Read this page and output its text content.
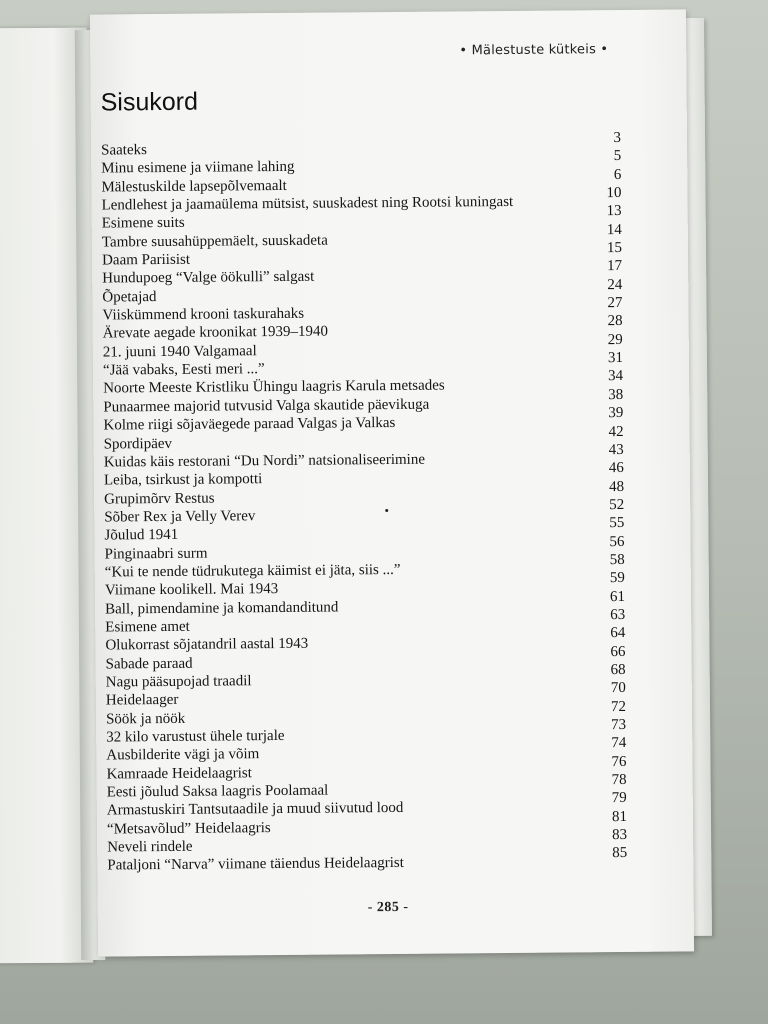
• Mälestuste kütkeis •
Sisukord
Saateks
3
Minu esimene ja viimane lahing
5
Mälestuskilde lapsepõlvemaalt
6
Lendlehest ja jaamaülema mütsist, suuskadest ning Rootsi kuningast
10
Esimene suits
13
Tambre suusahüppemäelt, suuskadeta
14
Daam Pariisist
15
Hundupoeg “Valge öökulli” salgast
17
Õpetajad
24
Viiskümmend krooni taskurahaks
27
Ärevate aegade kroonikat 1939–1940
28
21. juuni 1940 Valgamaal
29
“Jää vabaks, Eesti meri ...”
31
Noorte Meeste Kristliku Ühingu laagris Karula metsades
34
Punaarmee majorid tutvusid Valga skautide päevikuga
38
Kolme riigi sõjaväegede paraad Valgas ja Valkas
39
Spordipäev
42
Kuidas käis restorani “Du Nordi” natsionaliseerimine
43
Leiba, tsirkust ja kompotti
46
Grupimõrv Restus
48
Sõber Rex ja Velly Verev
52
Jõulud 1941
55
Pinginaabri surm
56
“Kui te nende tüdrukutega käimist ei jäta, siis ...”
58
Viimane koolikell. Mai 1943
59
Ball, pimendamine ja komandanditund
61
Esimene amet
63
Olukorrast sõjatandril aastal 1943
64
Sabade paraad
66
Nagu pääsupojad traadil
68
Heidelaager
70
Söök ja nöök
72
32 kilo varustust ühele turjale
73
Ausbilderite vägi ja võim
74
Kamraade Heidelaagrist
76
Eesti jõulud Saksa laagris Poolamaal
78
Armastuskiri Tantsutaadile ja muud siivutud lood
79
“Metsavõlud” Heidelaagris
81
Neveli rindele
83
Pataljoni “Narva” viimane täiendus Heidelaagrist
85
- 285 -
